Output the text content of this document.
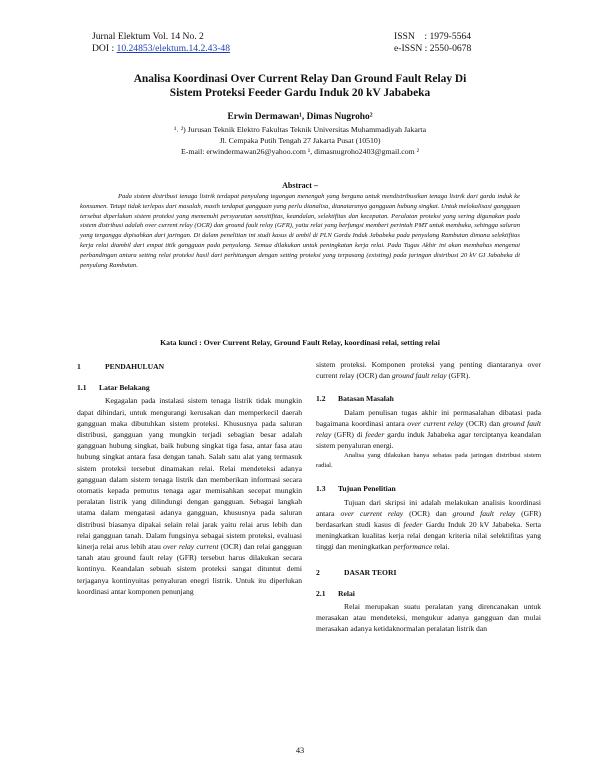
Jurnal Elektum Vol. 14 No. 2
DOI : 10.24853/elektum.14.2.43-48
ISSN    : 1979-5564
e-ISSN : 2550-0678
Analisa Koordinasi Over Current Relay Dan Ground Fault Relay Di
Sistem Proteksi Feeder Gardu Induk 20 kV Jababeka
Erwin Dermawan¹, Dimas Nugroho²
¹˒ ²) Jurusan Teknik Elektro Fakultas Teknik Universitas Muhammadiyah Jakarta
Jl. Cempaka Putih Tengah 27 Jakarta Pusat (10510)
E-mail: erwindermawan26@yahoo.com ¹, dimasnugroho2403@gmail.com ²
Abstract –

Pada sistem distribusi tenaga listrik terdapat penyulang tegangan menengah yang berguna untuk mendistribusikan tenaga listrik dari gardu induk ke konsumen. Tetapi tidak terlepas dari masalah, masih terdapat gangguan yang perlu dianalisa, dianataranya gangguan hubung singkat. Untuk melokalisasi gangguan tersebut diperlukan sistem proteksi yang memenuhi persyaratan sensitifitas, keandalan, selektifitas dan kecepatan. Peralatan proteksi yang sering digunakan pada sistem distribusi adalah over current relay (OCR) dan ground fault relay (GFR), yaitu relai yang berfungsi memberi perintah PMT untuk membuka, sehingga saluran yang terganggu dipisahkan dari jaringan. Di dalam penelitian ini studi kasus di ambil di PLN Gardu Induk Jababeka pada penyulang Rambutan dimana selektifitas kerja relai diambil dari empat titik gangguan pada penyulang. Semua dilakukan untuk peningkatan kerja relai. Pada Tugas Akhir ini akan membahas mengenai perbandingan antara setting relai proteksi hasil dari perhitungan dengan setting proteksi yang terpasang (existing) pada jaringan distribusi 20 kV GI Jababeka di penyulang Rambutan.

Kata kunci : Over Current Relay, Ground Fault Relay, koordinasi relai, setting relai
1	PENDAHULUAN
1.1 Latar Belakang

Kegagalan pada instalasi sistem tenaga listrik tidak mungkin dapat dihindari, untuk mengurangi kerusakan dan memperkecil daerah gangguan maka dibutuhkan sistem proteksi. Khususnya pada saluran distribusi, gangguan yang mungkin terjadi sebagian besar adalah gangguan hubung singkat, baik hubung singkat tiga fasa, antar fasa atau hubung singkat antara fasa dengan tanah. Salah satu alat yang termasuk sistem proteksi tersebut dinamakan relai. Relai mendeteksi adanya gangguan dalam sistem tenaga listrik dan memberikan informasi secara otomatis kepada pemutus tenaga agar memisahkan secepat mungkin peralatan listrik yang dilindungi dengan gangguan. Sebagai langkah utama dalam mengatasi adanya gangguan, khususnya pada saluran distribusi biasanya dipakai selain relai jarak yaitu relai arus lebih dan relai gangguan tanah. Dalam fungsinya sebagai sistem proteksi, evaluasi kinerja relai arus lebih atau over relay current (OCR) dan relai gangguan tanah atau ground fault relay (GFR) tersebut harus dilakukan secara kontinyu. Keandalan sebuah sistem proteksi sangat dituntut demi terjaganya kontinyuitas penyaluran enegri listrik. Untuk itu diperlukan koordinasi antar komponen penunjang

sistem proteksi. Komponen proteksi yang penting diantaranya over current relay (OCR) dan ground fault relay (GFR).

1.2 Batasan Masalah

Dalam penulisan tugas akhir ini permasalahan dibatasi pada bagaimana koordinasi antara over current relay (OCR) dan ground fault relay (GFR) di feeder gardu induk Jababeka agar terciptanya keandalan sistem penyaluran energi.

Analisa yang dilakukan hanya sebatas pada jaringan distribusi sistem radial.

1.3 Tujuan Penelitian

Tujuan dari skripsi ini adalah melakukan analisis koordinasi antara over current relay (OCR) dan ground fault relay (GFR) berdasarkan studi kasus di feeder Gardu Induk 20 kV Jababeka. Serta meningkatkan kualitas kerja relai dengan kriteria nilai selektifitas yang tinggi dan meningkatkan performance relai.

2	DASAR TEORI
2.1 Relai

Relai merupakan suatu peralatan yang direncanakan untuk merasakan atau mendeteksi, mengukur adanya gangguan dan mulai merasakan adanya ketidaknormalan peralatan listrik dan

43
